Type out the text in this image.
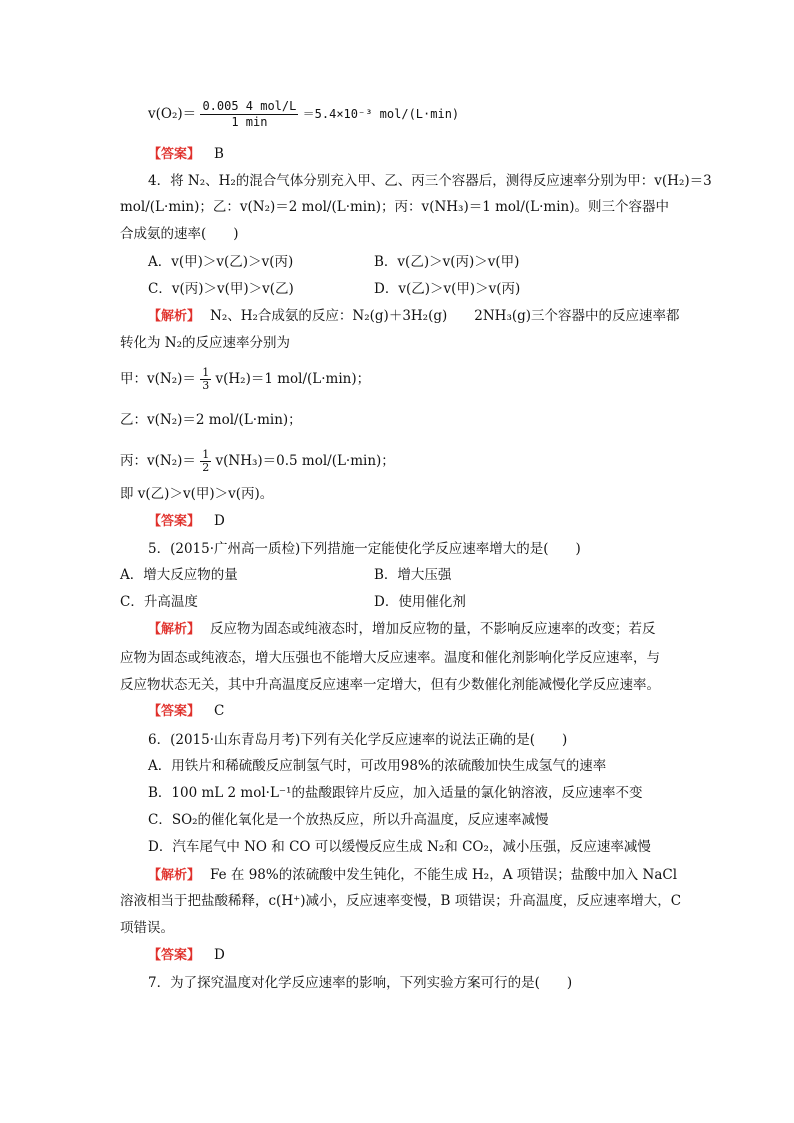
$v(O_2)= \frac{\text{0.005 4 mol/L}}{1 \min} =5.4\times 10^{-3}$ mol/(L·min)
【答案】 B
4．将 N₂、H₂的混合气体分别充入甲、乙、丙三个容器后，测得反应速率分别为甲：v(H₂)＝3
mol/(L·min)；乙：v(N₂)＝2 mol/(L·min)；丙：v(NH₃)＝1 mol/(L·min)。则三个容器中
合成氨的速率(　　)
A．v(甲)＞v(乙)＞v(丙)	B．v(乙)＞v(丙)＞v(甲)
C．v(丙)＞v(甲)＞v(乙)	D．v(乙)＞v(甲)＞v(丙)
【解析】 N₂、H₂合成氨的反应：N₂(g)＋3H₂(g)　　2NH₃(g)三个容器中的反应速率都
转化为 N₂的反应速率分别为
甲：$v(N_2)= \frac{1}{3} v(H_2)=1$ mol/(L·min)；
乙：v(N₂)＝2 mol/(L·min)；
丙：$v(N_2)= \frac{1}{2} v(NH_3)=0.5$ mol/(L·min)；
即 v(乙)＞v(甲)＞v(丙)。
【答案】 D
5．(2015·广州高一质检)下列措施一定能使化学反应速率增大的是(　　)
A．增大反应物的量	B．增大压强
C．升高温度	D．使用催化剂
【解析】 反应物为固态或纯液态时，增加反应物的量，不影响反应速率的改变；若反
应物为固态或纯液态，增大压强也不能增大反应速率。温度和催化剂影响化学反应速率，与
反应物状态无关，其中升高温度反应速率一定增大，但有少数催化剂能减慢化学反应速率。
【答案】 C
6．(2015·山东青岛月考)下列有关化学反应速率的说法正确的是(　　)
A．用铁片和稀硫酸反应制氢气时，可改用98%的浓硫酸加快生成氢气的速率
B．100 mL 2 mol·L⁻¹的盐酸跟锌片反应，加入适量的氯化钠溶液，反应速率不变
C．SO₂的催化氧化是一个放热反应，所以升高温度，反应速率减慢
D．汽车尾气中 NO 和 CO 可以缓慢反应生成 N₂和 CO₂，减小压强，反应速率减慢
【解析】 Fe 在 98%的浓硫酸中发生钝化，不能生成 H₂，A 项错误；盐酸中加入 NaCl
溶液相当于把盐酸稀释，c(H⁺)减小，反应速率变慢，B 项错误；升高温度，反应速率增大，C
项错误。
【答案】 D
7．为了探究温度对化学反应速率的影响，下列实验方案可行的是(　　)
